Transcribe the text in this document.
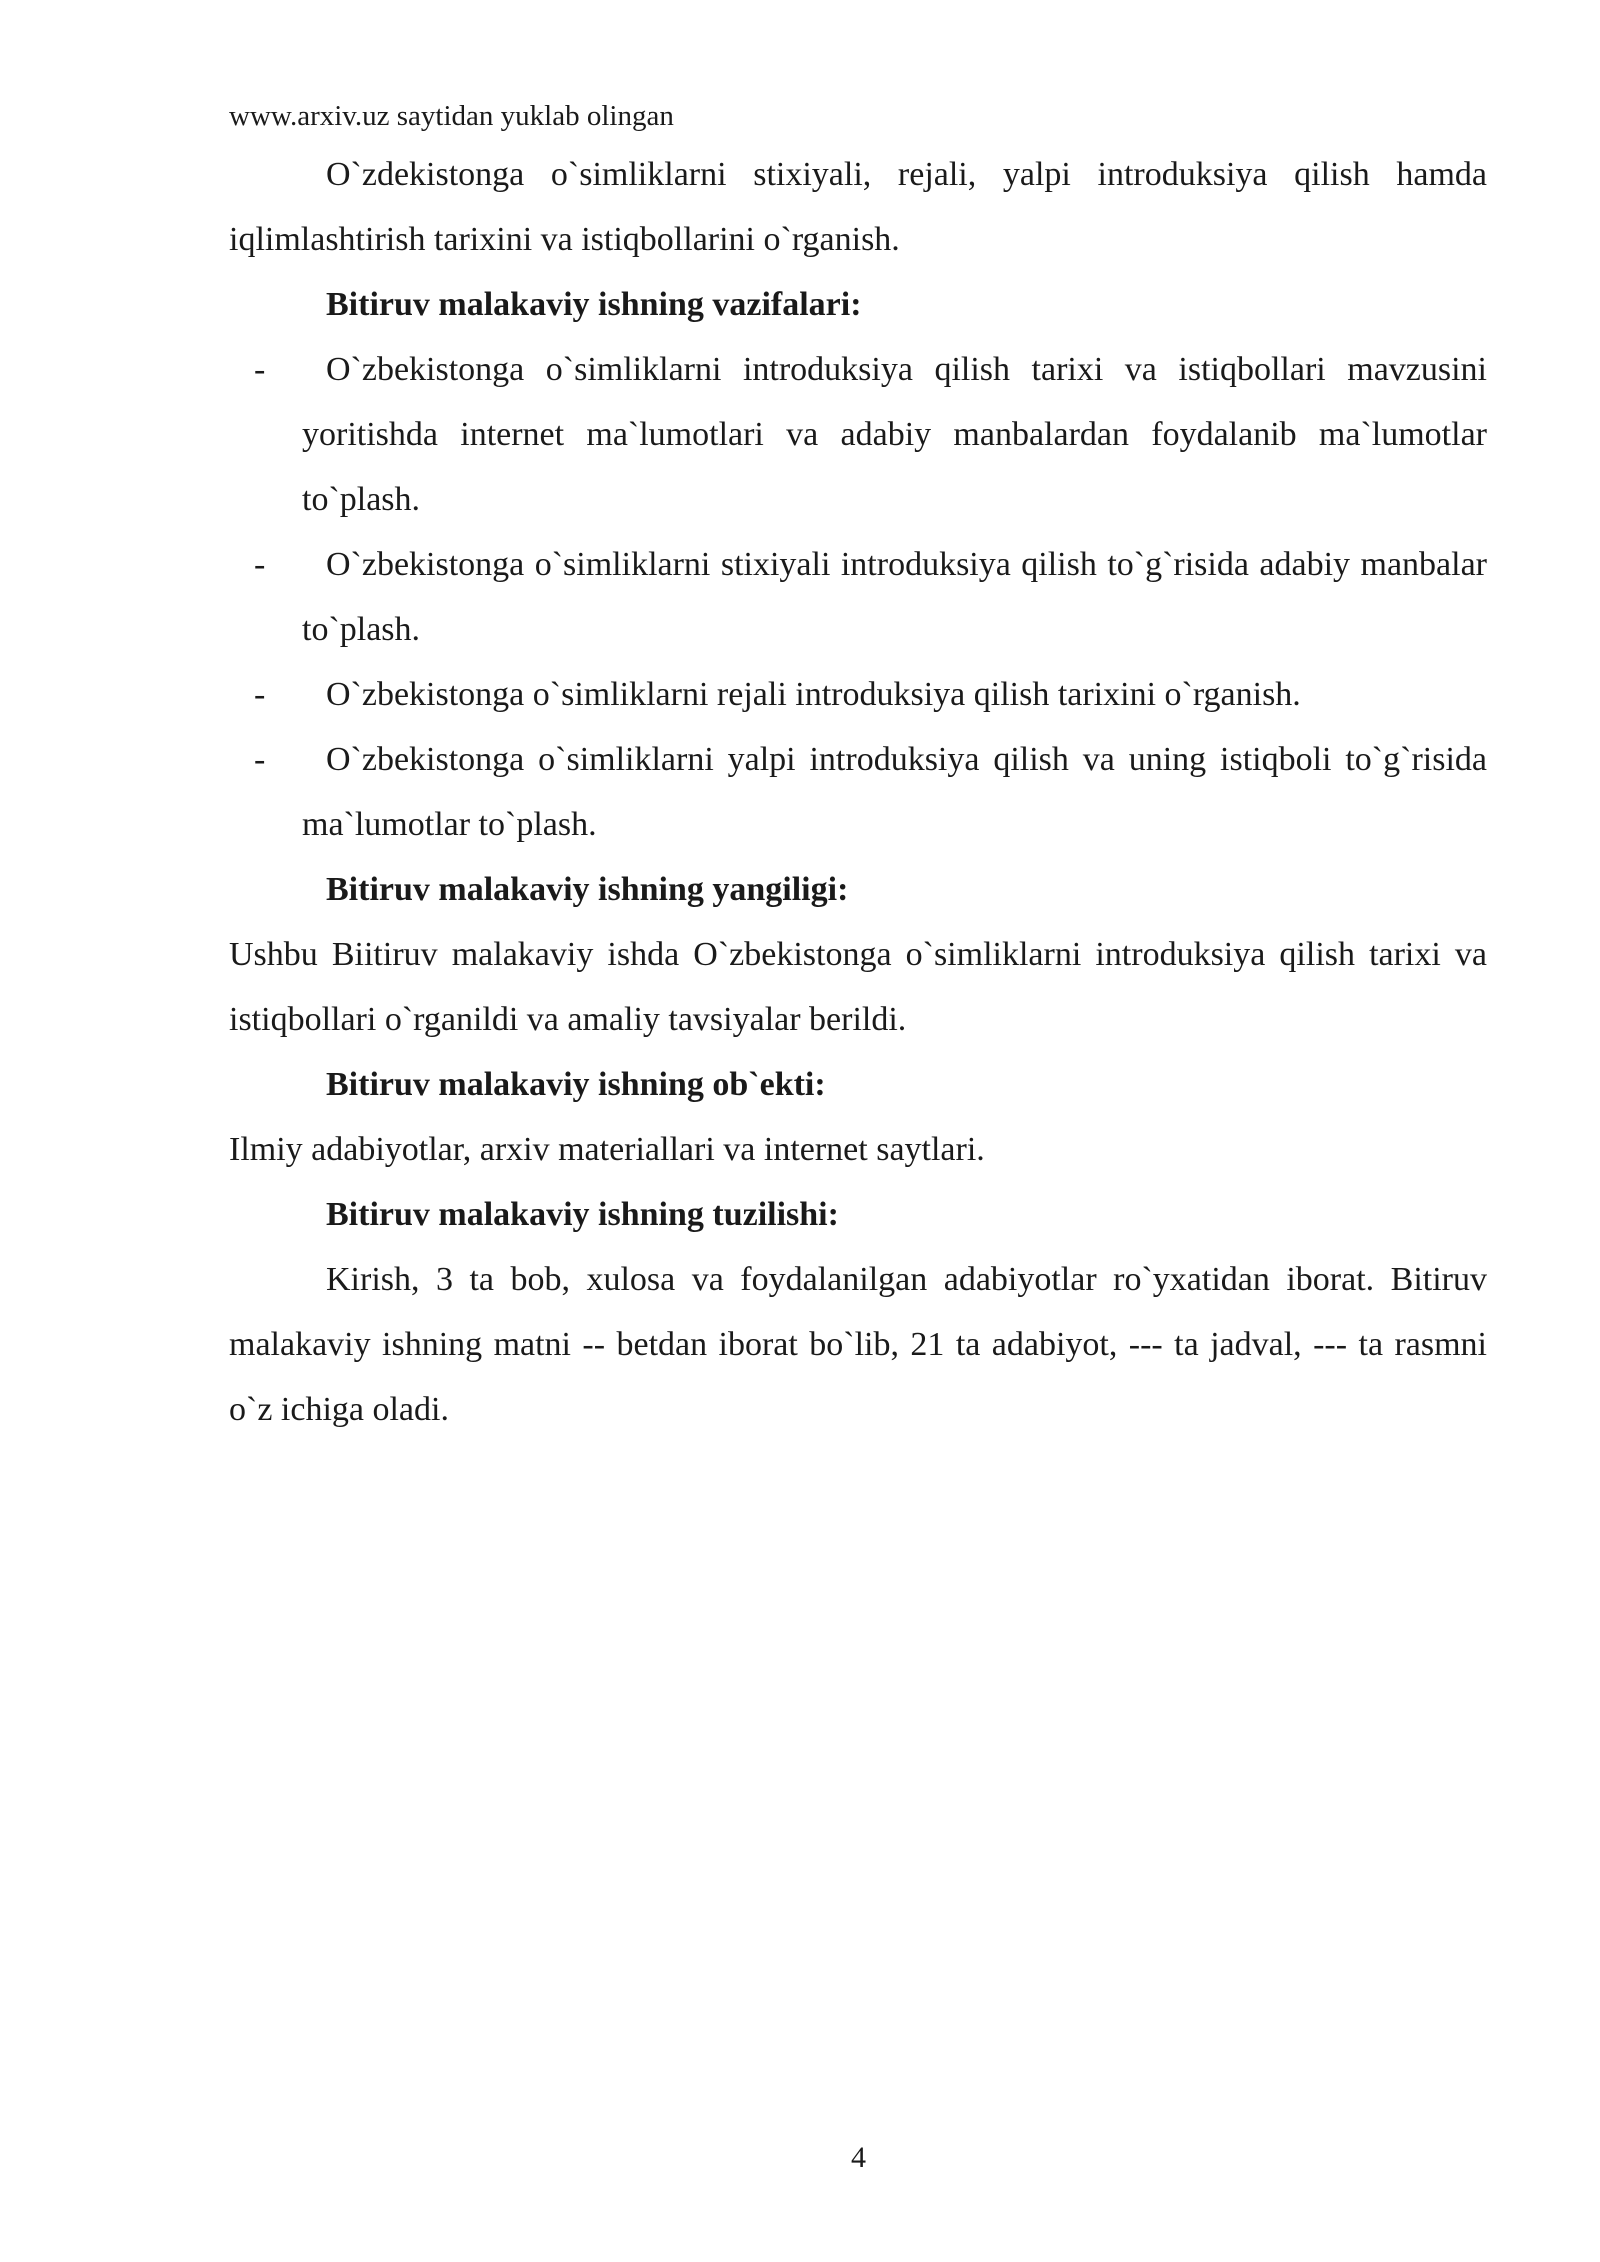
www.arxiv.uz saytidan yuklab olingan

O`zdekistonga o`simliklarni stixiyali, rejali, yalpi introduksiya qilish hamda iqlimlashtirish tarixini va istiqbollarini o`rganish.

Bitiruv malakaviy ishning vazifalari:

-	O`zbekistonga o`simliklarni introduksiya qilish tarixi va istiqbollari mavzusini yoritishda internet ma`lumotlari va adabiy manbalardan foydalanib ma`lumotlar to`plash.
-	O`zbekistonga o`simliklarni stixiyali introduksiya qilish to`g`risida adabiy manbalar to`plash.
-	O`zbekistonga o`simliklarni rejali introduksiya qilish tarixini o`rganish.
-	O`zbekistonga o`simliklarni yalpi introduksiya qilish va uning istiqboli to`g`risida ma`lumotlar to`plash.

Bitiruv malakaviy ishning yangiligi:

Ushbu Biitiruv malakaviy ishda O`zbekistonga o`simliklarni introduksiya qilish tarixi va istiqbollari o`rganildi va amaliy tavsiyalar berildi.

Bitiruv malakaviy ishning ob`ekti:

Ilmiy adabiyotlar, arxiv materiallari va internet saytlari.

Bitiruv malakaviy ishning tuzilishi:

Kirish, 3 ta bob, xulosa va foydalanilgan adabiyotlar ro`yxatidan iborat. Bitiruv malakaviy ishning matni -- betdan iborat bo`lib, 21 ta adabiyot, --- ta jadval, --- ta rasmni o`z ichiga oladi.

4
